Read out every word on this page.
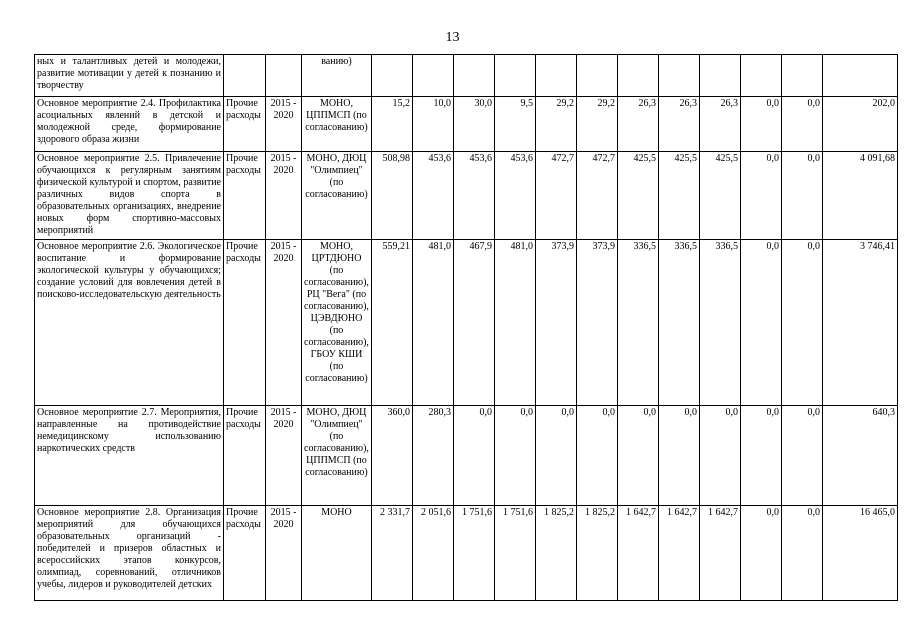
13
ных и талантливых детей и молодежи, развитие мотивации у детей к познанию и творчеству			ванию)												
Основное мероприятие 2.4. Профилактика асоциальных явлений в детской и молодежной среде, формирование здорового образа жизни	Прочие расходы	2015 - 2020	МОНО, ЦППМСП (по согласованию)	15,2	10,0	30,0	9,5	29,2	29,2	26,3	26,3	26,3	0,0	0,0	202,0
Основное мероприятие 2.5. Привлечение обучающихся к регулярным занятиям физической культурой и спортом, развитие различных видов спорта в образовательных организациях, внедрение новых форм спортивно-массовых мероприятий	Прочие расходы	2015 - 2020	МОНО, ДЮЦ "Олимпиец" (по согласованию)	508,98	453,6	453,6	453,6	472,7	472,7	425,5	425,5	425,5	0,0	0,0	4 091,68
Основное мероприятие 2.6. Экологическое воспитание и формирование экологической культуры у обучающихся; создание условий для вовлечения детей в поисково-исследовательскую деятельность	Прочие расходы	2015 - 2020	МОНО, ЦРТДЮНО (по согласованию), РЦ "Вега" (по согласованию), ЦЭВДЮНО (по согласованию), ГБОУ КШИ (по согласованию)	559,21	481,0	467,9	481,0	373,9	373,9	336,5	336,5	336,5	0,0	0,0	3 746,41
Основное мероприятие 2.7. Мероприятия, направленные на противодействие немедицинскому использованию наркотических средств	Прочие расходы	2015 - 2020	МОНО, ДЮЦ "Олимпиец" (по согласованию), ЦППМСП (по согласованию)	360,0	280,3	0,0	0,0	0,0	0,0	0,0	0,0	0,0	0,0	0,0	640,3
Основное мероприятие 2.8. Организация мероприятий для обучающихся образовательных организаций - победителей и призеров областных и всероссийских этапов конкурсов, олимпиад, соревнований, отличников учебы, лидеров и руководителей детских	Прочие расходы	2015 - 2020	МОНО	2 331,7	2 051,6	1 751,6	1 751,6	1 825,2	1 825,2	1 642,7	1 642,7	1 642,7	0,0	0,0	16 465,0
